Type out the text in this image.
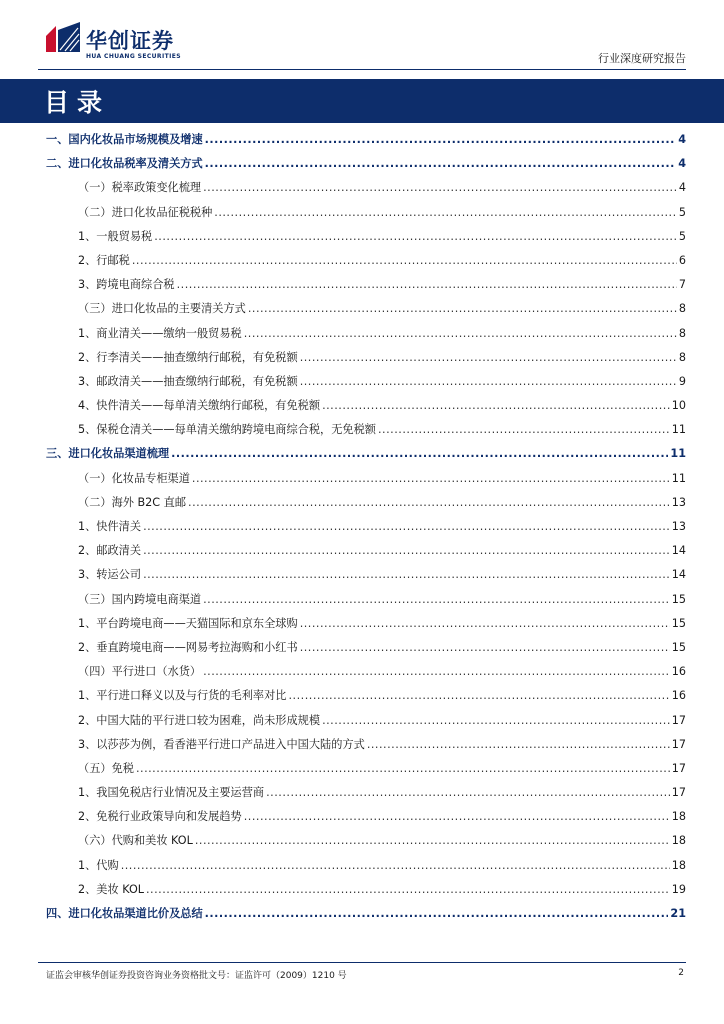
华创证券
HUA CHUANG SECURITIES	行业深度研究报告
目录
一、国内化妆品市场规模及增速 .....	4
二、进口化妆品税率及清关方式 .....	4
（一）税率政策变化梳理 .....	4
（二）进口化妆品征税税种 .....	5
1、一般贸易税 .....	5
2、行邮税 .....	6
3、跨境电商综合税 .....	7
（三）进口化妆品的主要清关方式 .....	8
1、商业清关——缴纳一般贸易税 .....	8
2、行李清关——抽查缴纳行邮税，有免税额 .....	8
3、邮政清关——抽查缴纳行邮税，有免税额 .....	9
4、快件清关——每单清关缴纳行邮税，有免税额 .....	10
5、保税仓清关——每单清关缴纳跨境电商综合税，无免税额 .....	11
三、进口化妆品渠道梳理 .....	11
（一）化妆品专柜渠道 .....	11
（二）海外 B2C 直邮 .....	13
1、快件清关 .....	13
2、邮政清关 .....	14
3、转运公司 .....	14
（三）国内跨境电商渠道 .....	15
1、平台跨境电商——天猫国际和京东全球购 .....	15
2、垂直跨境电商——网易考拉海购和小红书 .....	15
（四）平行进口（水货） .....	16
1、平行进口释义以及与行货的毛利率对比 .....	16
2、中国大陆的平行进口较为困难，尚未形成规模 .....	17
3、以莎莎为例，看香港平行进口产品进入中国大陆的方式 .....	17
（五）免税 .....	17
1、我国免税店行业情况及主要运营商 .....	17
2、免税行业政策导向和发展趋势 .....	18
（六）代购和美妆 KOL .....	18
1、代购 .....	18
2、美妆 KOL .....	19
四、进口化妆品渠道比价及总结 .....	21
证监会审核华创证券投资咨询业务资格批文号：证监许可（2009）1210 号	2
